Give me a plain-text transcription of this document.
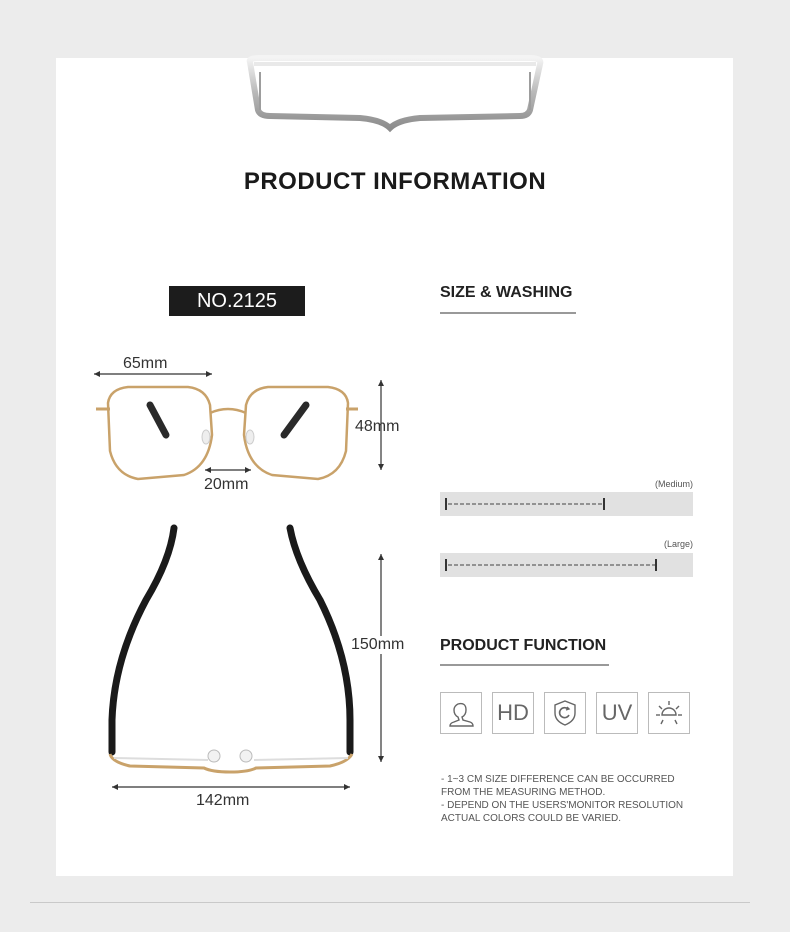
PRODUCT INFORMATION
NO.2125
65mm
48mm
20mm
150mm
142mm
SIZE & WASHING
(Medium)
(Large)
PRODUCT FUNCTION
HD	UV
- 1~3 CM SIZE DIFFERENCE CAN BE OCCURRED
FROM THE MEASURING METHOD.
- DEPEND ON THE USERS'MONITOR RESOLUTION
ACTUAL COLORS COULD BE VARIED.
